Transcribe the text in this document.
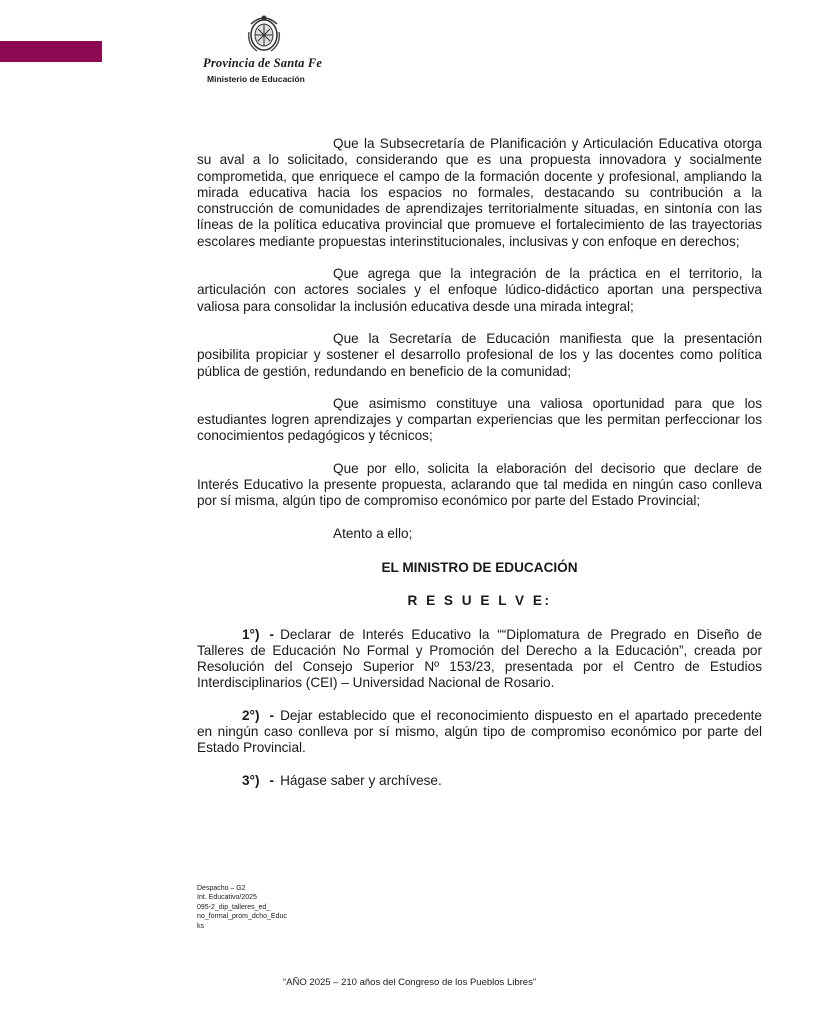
Provincia de Santa Fe
Ministerio de Educación

Que la Subsecretaría de Planificación y Articulación Educativa otorga su aval a lo solicitado, considerando que es una propuesta innovadora y socialmente comprometida, que enriquece el campo de la formación docente y profesional, ampliando la mirada educativa hacia los espacios no formales, destacando su contribución a la construcción de comunidades de aprendizajes territorialmente situadas, en sintonía con las líneas de la política educativa provincial que promueve el fortalecimiento de las trayectorias escolares mediante propuestas interinstitucionales, inclusivas y con enfoque en derechos;

Que agrega que la integración de la práctica en el territorio, la articulación con actores sociales y el enfoque lúdico-didáctico aportan una perspectiva valiosa para consolidar la inclusión educativa desde una mirada integral;

Que la Secretaría de Educación manifiesta que la presentación posibilita propiciar y sostener el desarrollo profesional de los y las docentes como política pública de gestión, redundando en beneficio de la comunidad;

Que asimismo constituye una valiosa oportunidad para que los estudiantes logren aprendizajes y compartan experiencias que les permitan perfeccionar los conocimientos pedagógicos y técnicos;

Que por ello, solicita la elaboración del decisorio que declare de Interés Educativo la presente propuesta, aclarando que tal medida en ningún caso conlleva por sí misma, algún tipo de compromiso económico por parte del Estado Provincial;

Atento a ello;

EL MINISTRO DE EDUCACIÓN

R E S U E L V E:

1°) - Declarar de Interés Educativo la ““Diplomatura de Pregrado en Diseño de Talleres de Educación No Formal y Promoción del Derecho a la Educación”, creada por Resolución del Consejo Superior Nº 153/23, presentada por el Centro de Estudios Interdisciplinarios (CEI) – Universidad Nacional de Rosario.

2°) - Dejar establecido que el reconocimiento dispuesto en el apartado precedente en ningún caso conlleva por sí mismo, algún tipo de compromiso económico por parte del Estado Provincial.

3°) - Hágase saber y archívese.

Despacho – G2
Int. Educativo/2025
095-2_dip_talleres_ed_
no_formal_prom_dcho_Educ
ks
“AÑO 2025 – 210 años del Congreso de los Pueblos Libres”
